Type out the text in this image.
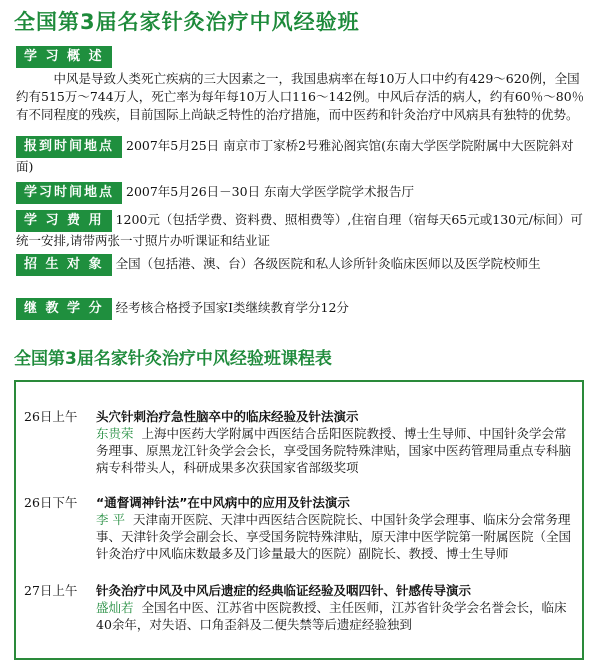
全国第3届名家针灸治疗中风经验班
学 习 概 述
中风是导致人类死亡疾病的三大因素之一，我国患病率在每10万人口中约有429～620例，全国约有515万～744万人，死亡率为每年每10万人口116～142例。中风后存活的病人，约有60％～80％有不同程度的残疾，目前国际上尚缺乏特性的治疗措施，而中医药和针灸治疗中风病具有独特的优势。
报到时间地点 2007年5月25日 南京市丁家桥2号雅沁阁宾馆(东南大学医学院附属中大医院斜对面)
学习时间地点 2007年5月26日－30日 东南大学医学院学术报告厅
学 习 费 用 1200元（包括学费、资料费、照相费等）,住宿自理（宿每天65元或130元/标间）可统一安排,请带两张一寸照片办听课证和结业证
招 生 对 象 全国（包括港、澳、台）各级医院和私人诊所针灸临床医师以及医学院校师生
继 教 学 分 经考核合格授予国家Ⅰ类继续教育学分12分
全国第3届名家针灸治疗中风经验班课程表
26日上午 头穴针刺治疗急性脑卒中的临床经验及针法演示
东贵荣 上海中医药大学附属中西医结合岳阳医院教授、博士生导师、中国针灸学会常务理事、原黑龙江针灸学会会长，享受国务院特殊津贴，国家中医药管理局重点专科脑病专科带头人，科研成果多次获国家省部级奖项
26日下午 “通督调神针法”在中风病中的应用及针法演示
李 平 天津南开医院、天津中西医结合医院院长、中国针灸学会理事、临床分会常务理事、天津针灸学会副会长、享受国务院特殊津贴，原天津中医学院第一附属医院（全国针灸治疗中风临床数最多及门诊量最大的医院）副院长、教授、博士生导师
27日上午 针灸治疗中风及中风后遗症的经典临证经验及咽四针、针感传导演示
盛灿若 全国名中医、江苏省中医院教授、主任医师，江苏省针灸学会名誉会长，临床40余年，对失语、口角歪斜及二便失禁等后遗症经验独到
